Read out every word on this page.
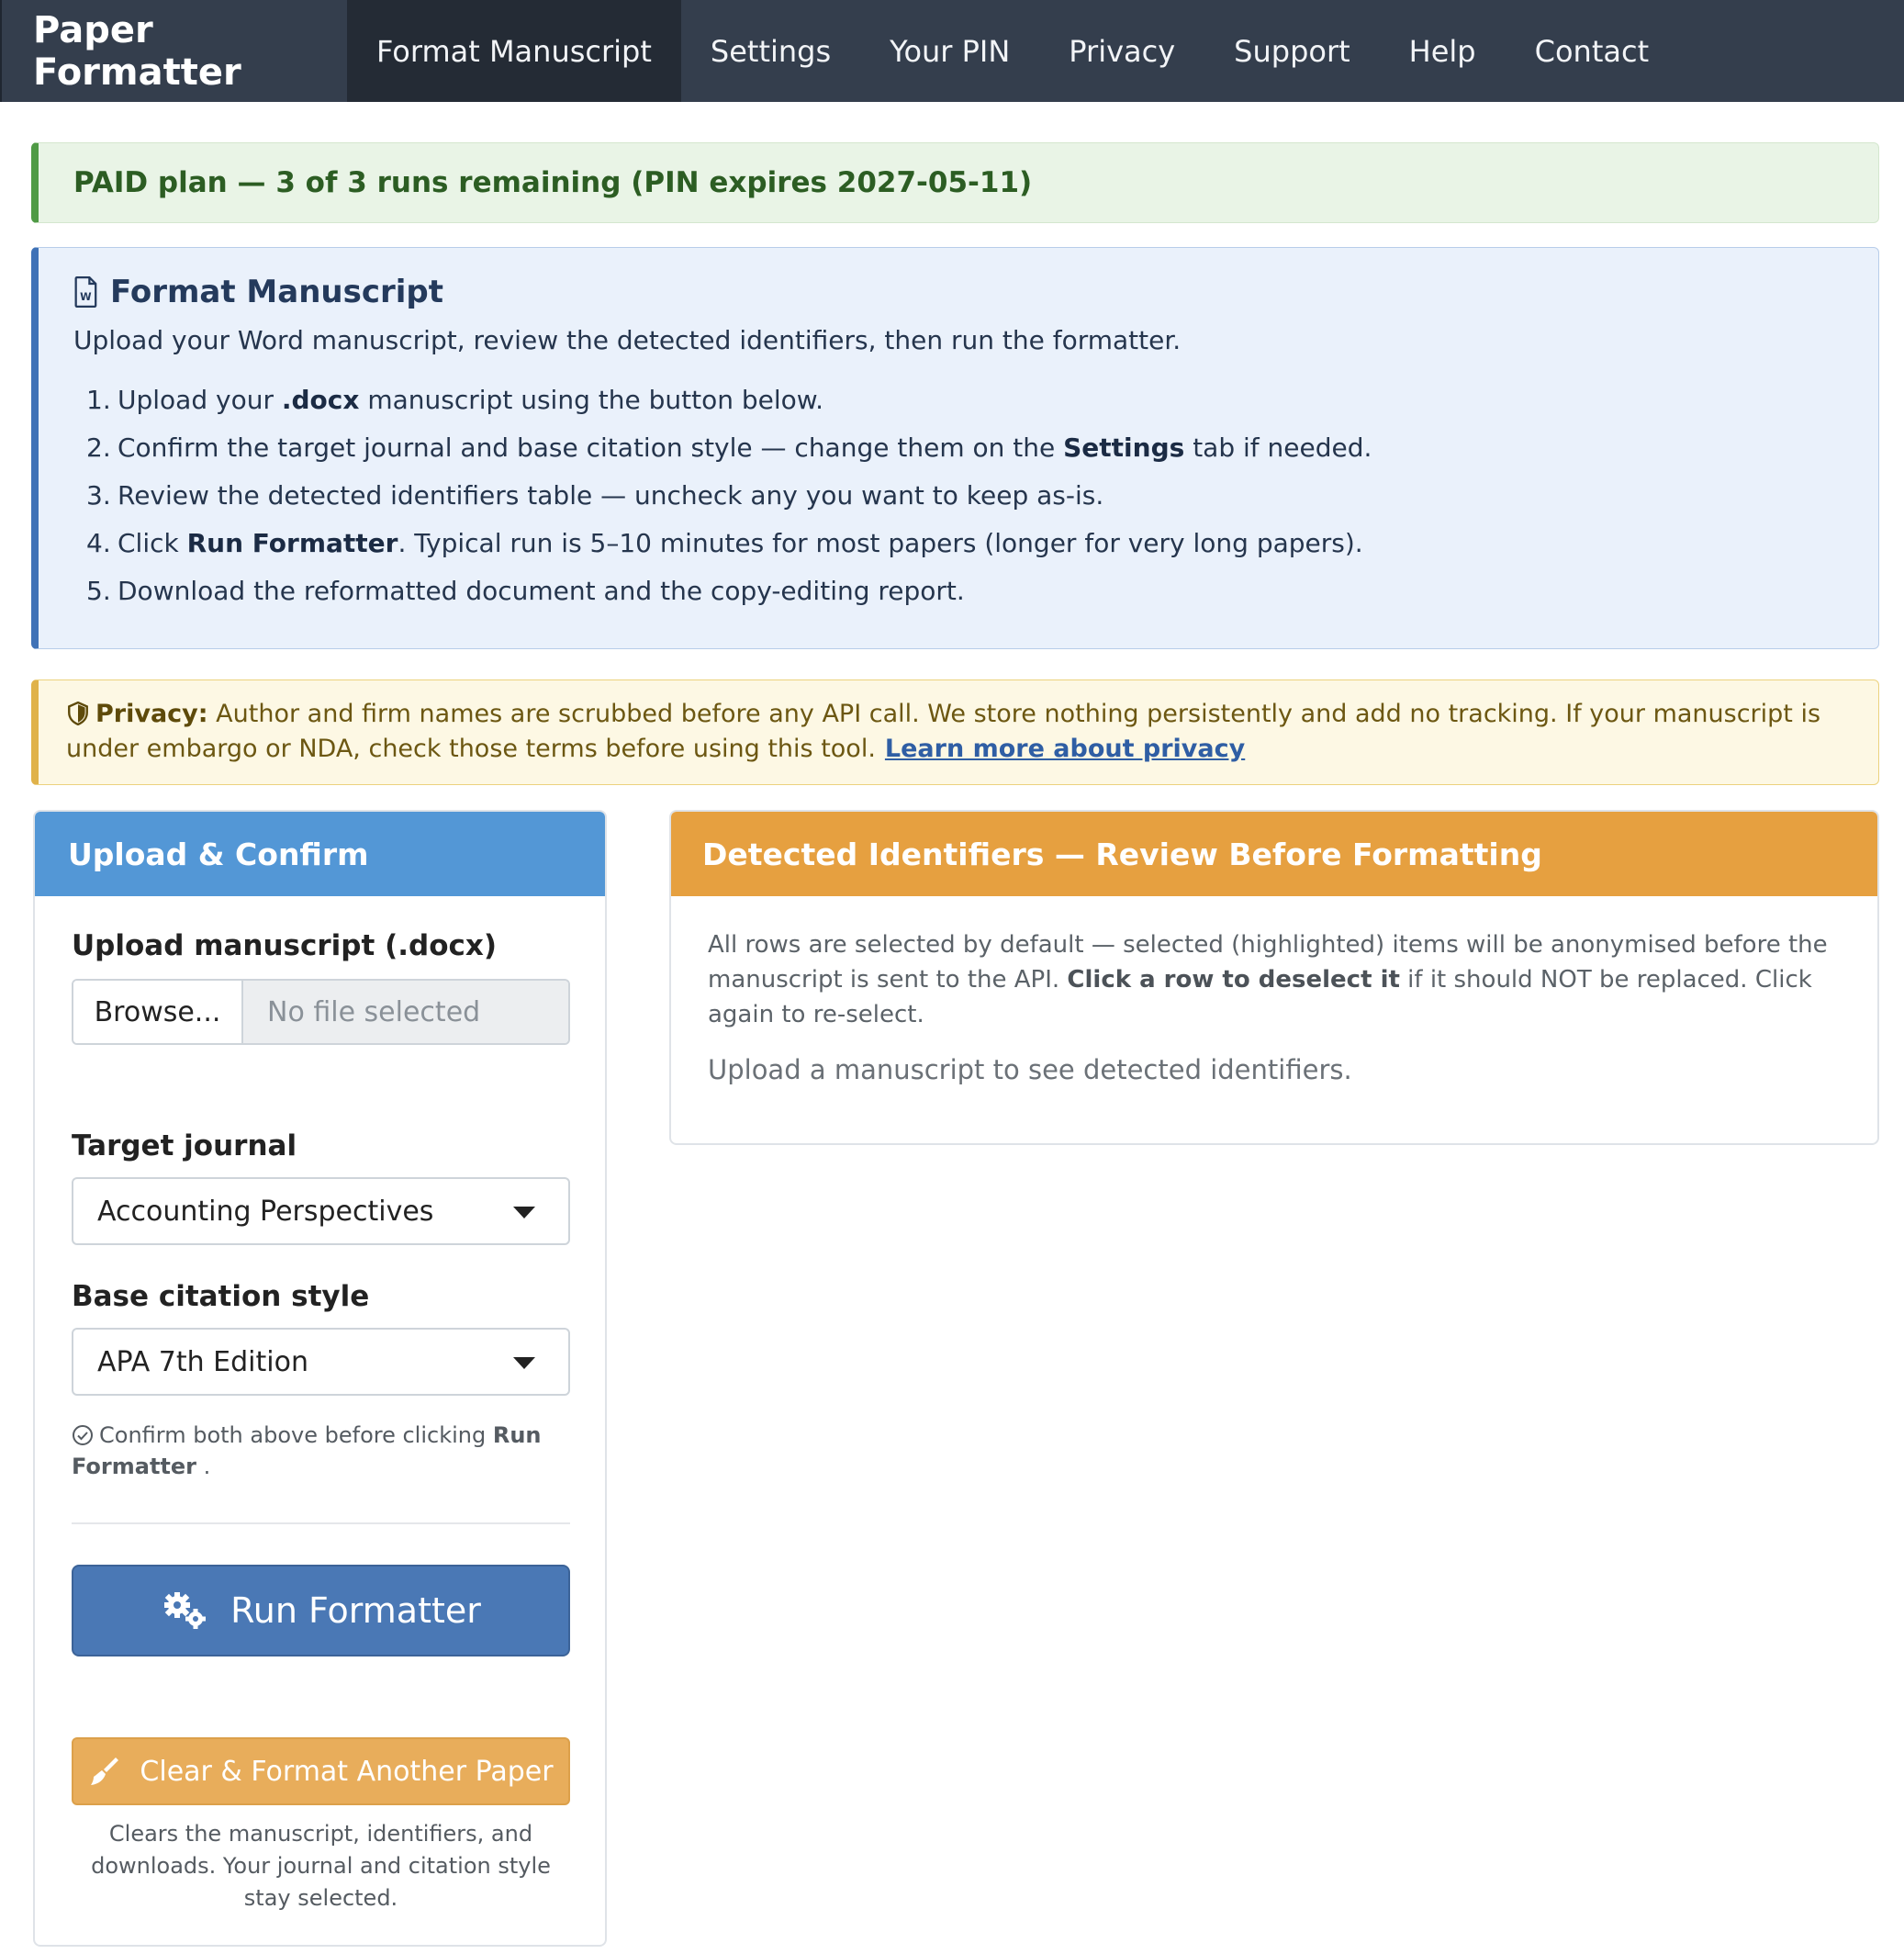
Paper Formatter	Format Manuscript	Settings	Your PIN	Privacy	Support	Help	Contact
PAID plan — 3 of 3 runs remaining (PIN expires 2027-05-11)
W Format Manuscript
Upload your Word manuscript, review the detected identifiers, then run the formatter.
1. Upload your .docx manuscript using the button below.
2. Confirm the target journal and base citation style — change them on the Settings tab if needed.
3. Review the detected identifiers table — uncheck any you want to keep as-is.
4. Click Run Formatter. Typical run is 5–10 minutes for most papers (longer for very long papers).
5. Download the reformatted document and the copy-editing report.
Privacy: Author and firm names are scrubbed before any API call. We store nothing persistently and add no tracking. If your manuscript is under embargo or NDA, check those terms before using this tool. Learn more about privacy
Upload & Confirm
Upload manuscript (.docx)
Browse...	No file selected
Target journal
Accounting Perspectives
Base citation style
APA 7th Edition
Confirm both above before clicking Run Formatter .
Run Formatter
Clear & Format Another Paper
Clears the manuscript, identifiers, and downloads. Your journal and citation style stay selected.
Detected Identifiers — Review Before Formatting
All rows are selected by default — selected (highlighted) items will be anonymised before the manuscript is sent to the API. Click a row to deselect it if it should NOT be replaced. Click again to re-select.
Upload a manuscript to see detected identifiers.
